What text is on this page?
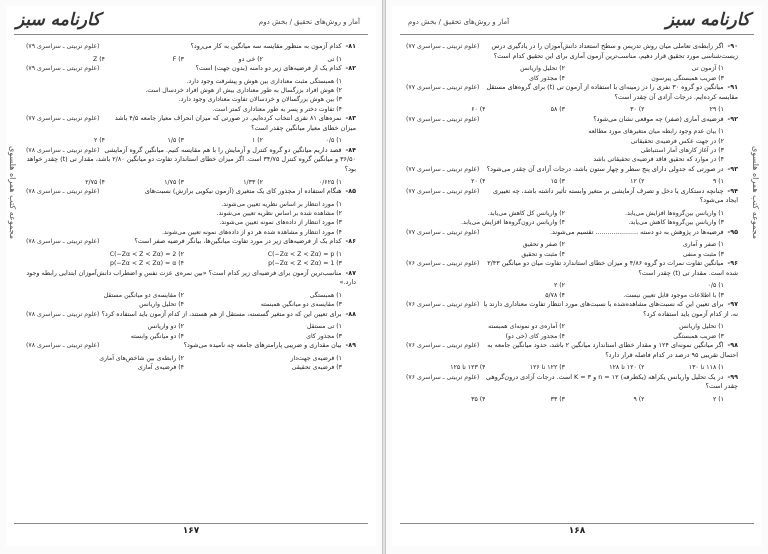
کارنامه سبز	آمار و روش‌های تحقیق / بخش دوم
مجموعه کتب همراه هلسوی
(علوم تربیتی ـ سراسری ۷۹)	۸۱-کدام آزمون به منظور مقایسه سه میانگین به کار می‌رود؟
۱) تی
۲) خی دو
۳) F
۴) Z
(علوم تربیتی ـ سراسری ۷۹)	۸۲-کدام یک از فرضیه‌های زیر دو دامنه (بدون جهت) است؟
۱) همبستگی مثبت معناداری بین هوش و پیشرفت وجود دارد.
۲) هوش افراد بزرگسال به طور معناداری بیش از هوش افراد خردسال است.
۳) بین هوش بزرگسالان و خردسالان تفاوت معناداری وجود دارد.
۴) تفاوت دختر و پسر به طور معناداری کمتر است.
(علوم تربیتی ـ سراسری ۷۷)	۸۳-نمره‌های ۸۱ نفری انتخاب کرده‌ایم. در صورتی که میزان انحراف معیار جامعه ۴/۵ باشد میزان خطای معیار میانگین چقدر است؟
۱) ۰/۵
۲) ۱
۳) ۱/۵
۴) ۲
(علوم تربیتی ـ سراسری ۷۸)	۸۴-قصد داریم میانگین دو گروه کنترل و آزمایش را با هم مقایسه کنیم. میانگین گروه آزمایشی ۳۶/۵۰ و میانگین گروه کنترل ۳۴/۷۵ است. اگر میزان خطای استاندارد تفاوت دو میانگین ۲/۸۰ باشد، مقدار تی (t) چقدر خواهد بود؟
۱) ۰/۶۲۵
۲) ۱/۳۳
۳) ۱/۷۵
۴) ۲/۷۵
(علوم تربیتی ـ سراسری ۷۸)	۸۵-هنگام استفاده از مجذور کای یک متغیری (آزمون نیکویی برازش) نسبت‌های
۱) مورد انتظار بر اساس نظریه تعیین می‌شوند.
۲) مشاهده شده بر اساس نظریه تعیین می‌شوند.
۳) مورد انتظار از داده‌های نمونه تعیین می‌شوند.
۴) مورد انتظار و مشاهده شده هر دو از داده‌های نمونه تعیین می‌شوند.
(علوم تربیتی ـ سراسری ۷۸)	۸۶-کدام یک از فرضیه‌های زیر در مورد تفاوت میانگین‌ها، بیانگر فرضیه صفر است؟
۱) C(−Zα < Z < Zα) = p
۲) C(−Zα < Z < Zα) = 2
۳) p(−Zα < Z < Zα) = 1
۴) p(−Zα < Z < Zα) = α
۸۷-مناسب‌ترین آزمون برای فرضیه‌ای زیر کدام است؟ «بین نمره‌ی عزت نفس و اضطراب دانش‌آموزان ابتدایی رابطه وجود دارد.»
۱) همبستگی
۲) مقایسه‌ی دو میانگین مستقل
۳) مقایسه‌ی دو میانگین همبسته
۴) تحلیل واریانس
(علوم تربیتی ـ سراسری ۷۸)	۸۸-برای تعیین این که دو متغیر گسسته، مستقل از هم هستند، از کدام آزمون باید استفاده کرد؟
۱) تی مستقل
۲) دو واریانس
۳) مجذور کای
۴) دو میانگین وابسته
(علوم تربیتی ـ سراسری ۷۸)	۸۹-بیان مقداری و ضریبی پارامترهای جامعه چه نامیده می‌شود؟
۱) فرضیه‌ی جهت‌دار
۲) رابطه‌ی بین شاخص‌های آماری
۳) فرضیه‌ی تحقیقی
۴) فرضیه‌ی آماری
۱۶۷
کارنامه سبز
آمار و روش‌های تحقیق / بخش دوم
مجموعه کتب همراه هلسوی
(علوم تربیتی ـ سراسری ۷۷)	۹۰-اگر رابطه‌ی تعاملی میان روش تدریس و سطح استعداد دانش‌آموزان را در یادگیری درس زیست‌شناسی مورد تحقیق قرار دهیم، مناسب‌ترین آزمون آماری برای این تحقیق کدام است؟
۱) آزمون تی
۲) تحلیل واریانس
۳) ضریب همبستگی پیرسون
۴) مجذور کای
(علوم تربیتی ـ سراسری ۷۷)	۹۱-میانگین دو گروه ۳۰ نفری را در زمینه‌ای با استفاده از آزمون تی (t) برای گروه‌های مستقل مقایسه کرده‌ایم. درجات آزادی آن چقدر است؟
۱) ۲۹
۲) ۳۰
۳) ۵۸
۴) ۶۰
(علوم تربیتی ـ سراسری ۷۷)	۹۲-فرضیه‌ی آماری (صفر) چه موقعی نشان می‌شود؟
۱) بیان عدم وجود رابطه میان متغیرهای مورد مطالعه
۲) در جهت عکس فرضیه‌ی تحقیقاتی
۳) در آغاز کارهای آمار استنباطی
۴) در موارد که تحقیق فاقد فرضیه‌ی تحقیقاتی باشد
(علوم تربیتی ـ سراسری ۷۷)	۹۳-در صورتی که جدولی دارای پنج سطر و چهار ستون باشد، درجات آزادی آن چقدر می‌شود؟
۱) ۹
۲) ۱۲
۳) ۱۵
۴) ۲۰
(علوم تربیتی ـ سراسری ۷۷)	۹۴-چنانچه دستکاری یا دخل و تصرف آزمایشی بر متغیر وابسته تأثیر داشته باشد، چه تغییری ایجاد می‌شود؟
۱) واریانس بین‌گروه‌ها افزایش می‌یابد.
۲) واریانس کل کاهش می‌یابد.
۳) واریانس بین‌گروه‌ها کاهش می‌یابد.
۴) واریانس درون‌گروه‌ها افزایش می‌یابد.
(علوم تربیتی ـ سراسری ۷۷)	۹۵-فرضیه‌ها در پژوهش به دو دسته ..................... تقسیم می‌شوند.
۱) صفر و آماری
۲) صفر و تحقیق
۳) مثبت و منفی
۴) مثبت و تحقیق
(علوم تربیتی ـ سراسری ۷۶)	۹۶-میانگین تفاوت نمرات دو گروه ۴/۸۶ و میزان خطای استاندارد تفاوت میان دو میانگین ۲/۴۳ شده است. مقدار تی (t) چقدر است؟
۱) ۰/۵
۲) ۲
۳) با اطلاعات موجود قابل تعیین نیست.
۴) ۵/۷۸
(علوم تربیتی ـ سراسری ۷۶)	۹۷-برای تعیین این که نسبت‌های مشاهده‌شده با نسبت‌های مورد انتظار تفاوت معناداری دارند یا نه، از کدام آزمون باید استفاده کرد؟
۱) تحلیل واریانس
۲) آماره‌ی دو نمونه‌ای همبسته
۳) ضریب همبستگی
۴) مجذور کای (خی دو)
(علوم تربیتی ـ سراسری ۷۶)	۹۸-اگر میانگین نمونه‌ای ۱۲۴ و مقدار خطای استاندارد میانگین ۲ باشد، حدود میانگین جامعه به احتمال تقریبی ۹۵ درصد در کدام فاصله قرار دارد؟
۱) ۱۱۸ تا ۱۳۰
۲) ۱۲۰ تا ۱۲۸
۳) ۱۲۲ تا ۱۲۶
۴) ۱۲۳ تا ۱۲۵
(علوم تربیتی ـ سراسری ۷۶)	۹۹-در یک تحلیل واریانس یکراهه (یکطرفه) n = ۱۲ و K = ۳ است. درجات آزادی درون‌گروهی چقدر است؟
۱) ۲
۲) ۹
۳) ۳۳
۴) ۳۵
۱۶۸
